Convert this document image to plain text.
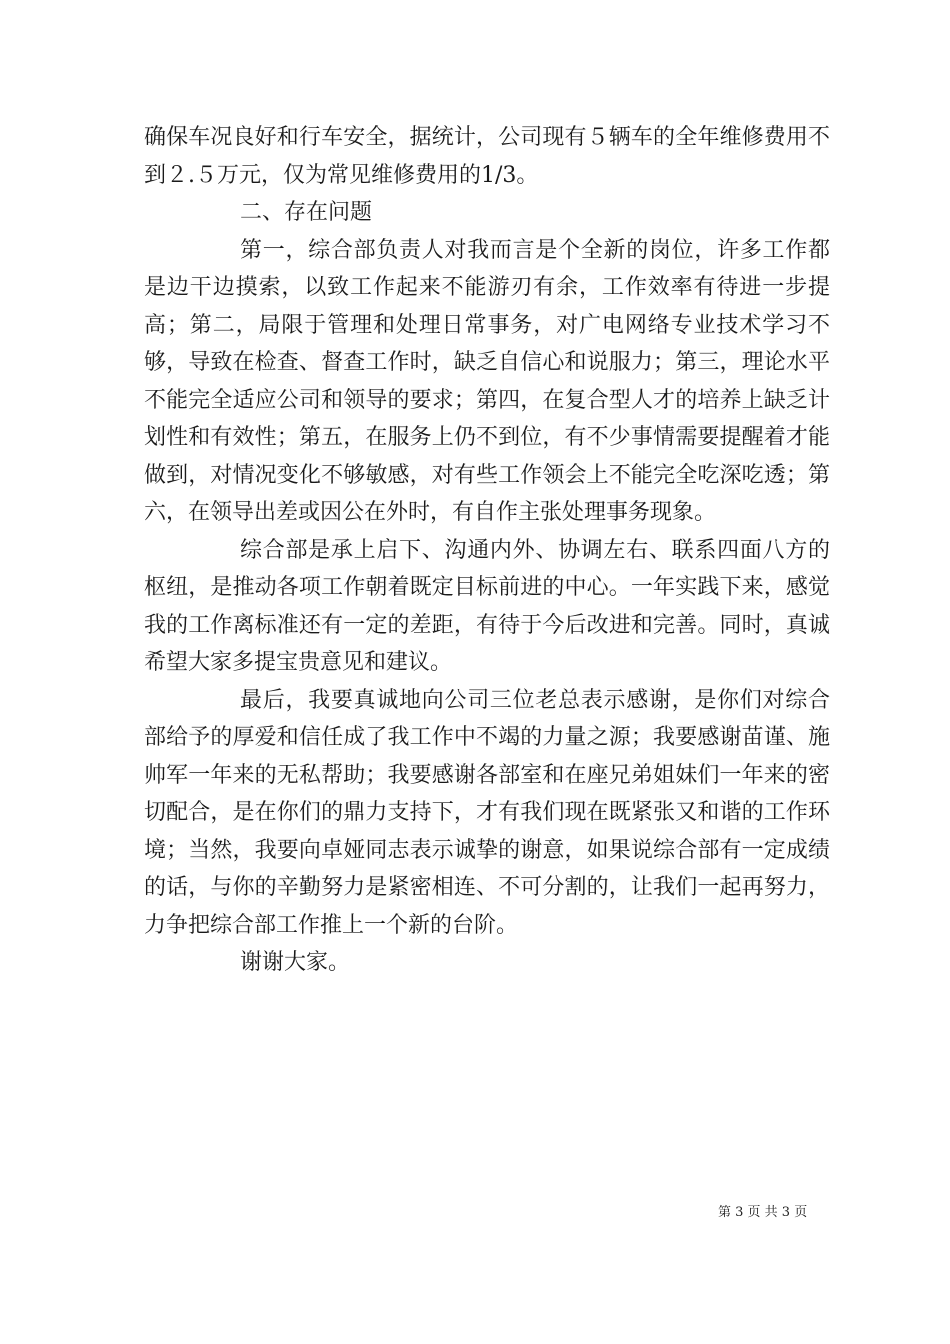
确保车况良好和行车安全，据统计，公司现有５辆车的全年维修费用不到２.５万元，仅为常见维修费用的1/3。

二、存在问题

第一，综合部负责人对我而言是个全新的岗位，许多工作都是边干边摸索，以致工作起来不能游刃有余，工作效率有待进一步提高；第二，局限于管理和处理日常事务，对广电网络专业技术学习不够，导致在检查、督查工作时，缺乏自信心和说服力；第三，理论水平不能完全适应公司和领导的要求；第四，在复合型人才的培养上缺乏计划性和有效性；第五，在服务上仍不到位，有不少事情需要提醒着才能做到，对情况变化不够敏感，对有些工作领会上不能完全吃深吃透；第六，在领导出差或因公在外时，有自作主张处理事务现象。

综合部是承上启下、沟通内外、协调左右、联系四面八方的枢纽，是推动各项工作朝着既定目标前进的中心。一年实践下来，感觉我的工作离标准还有一定的差距，有待于今后改进和完善。同时，真诚希望大家多提宝贵意见和建议。

最后，我要真诚地向公司三位老总表示感谢，是你们对综合部给予的厚爱和信任成了我工作中不竭的力量之源；我要感谢苗谨、施帅军一年来的无私帮助；我要感谢各部室和在座兄弟姐妹们一年来的密切配合，是在你们的鼎力支持下，才有我们现在既紧张又和谐的工作环境；当然，我要向卓娅同志表示诚挚的谢意，如果说综合部有一定成绩的话，与你的辛勤努力是紧密相连、不可分割的，让我们一起再努力，力争把综合部工作推上一个新的台阶。

谢谢大家。

第 3 页 共 3 页
